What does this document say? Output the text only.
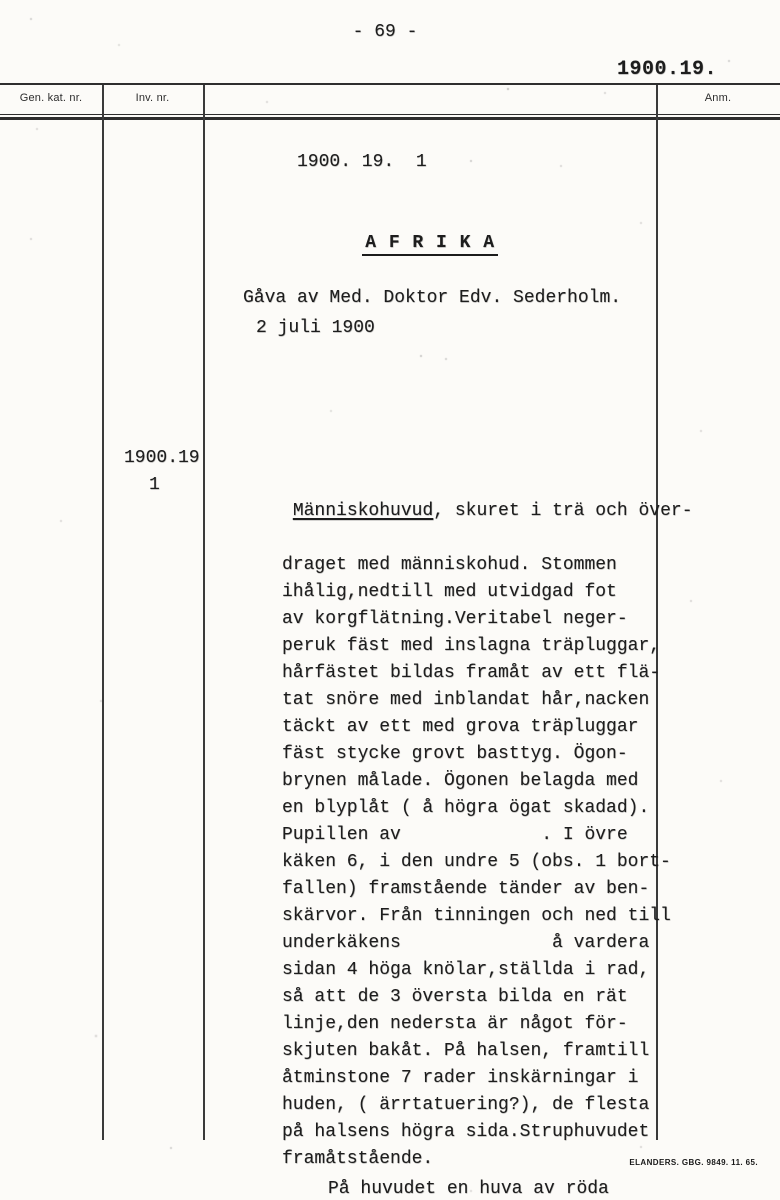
- 69 -
1900.19.
Gen. kat. nr.	Inv. nr.	Anm.
1900. 19.  1

A F R I K A

Gåva av Med. Doktor Edv. Sederholm.
2 juli 1900
1900.19
1

Människohuvud, skuret i trä och över-

draget med människohud. Stommen
ihålig,nedtill med utvidgad fot
av korgflätning.Veritabel neger-
peruk fäst med inslagna träpluggar,
hårfästet bildas framåt av ett flä-
tat snöre med inblandat hår,nacken
täckt av ett med grova träpluggar
fäst stycke grovt basttyg. Ögon-
brynen målade. Ögonen belagda med
en blyplåt ( å högra ögat skadad).
Pupillen av             . I övre
käken 6, i den undre 5 (obs. 1 bort-
fallen) framstående tänder av ben-
skärvor. Från tinningen och ned till
underkäkens              å vardera
sidan 4 höga knölar,ställda i rad,
så att de 3 översta bilda en rät
linje,den nedersta är något för-
skjuten bakåt. På halsen, framtill
åtminstone 7 rader inskärningar i
huden, ( ärrtatuering?), de flesta
på halsens högra sida.Struphuvudet
framåtstående.
På huvudet en huva av röda
ELANDERS. GBG. 9849. 11. 65.
